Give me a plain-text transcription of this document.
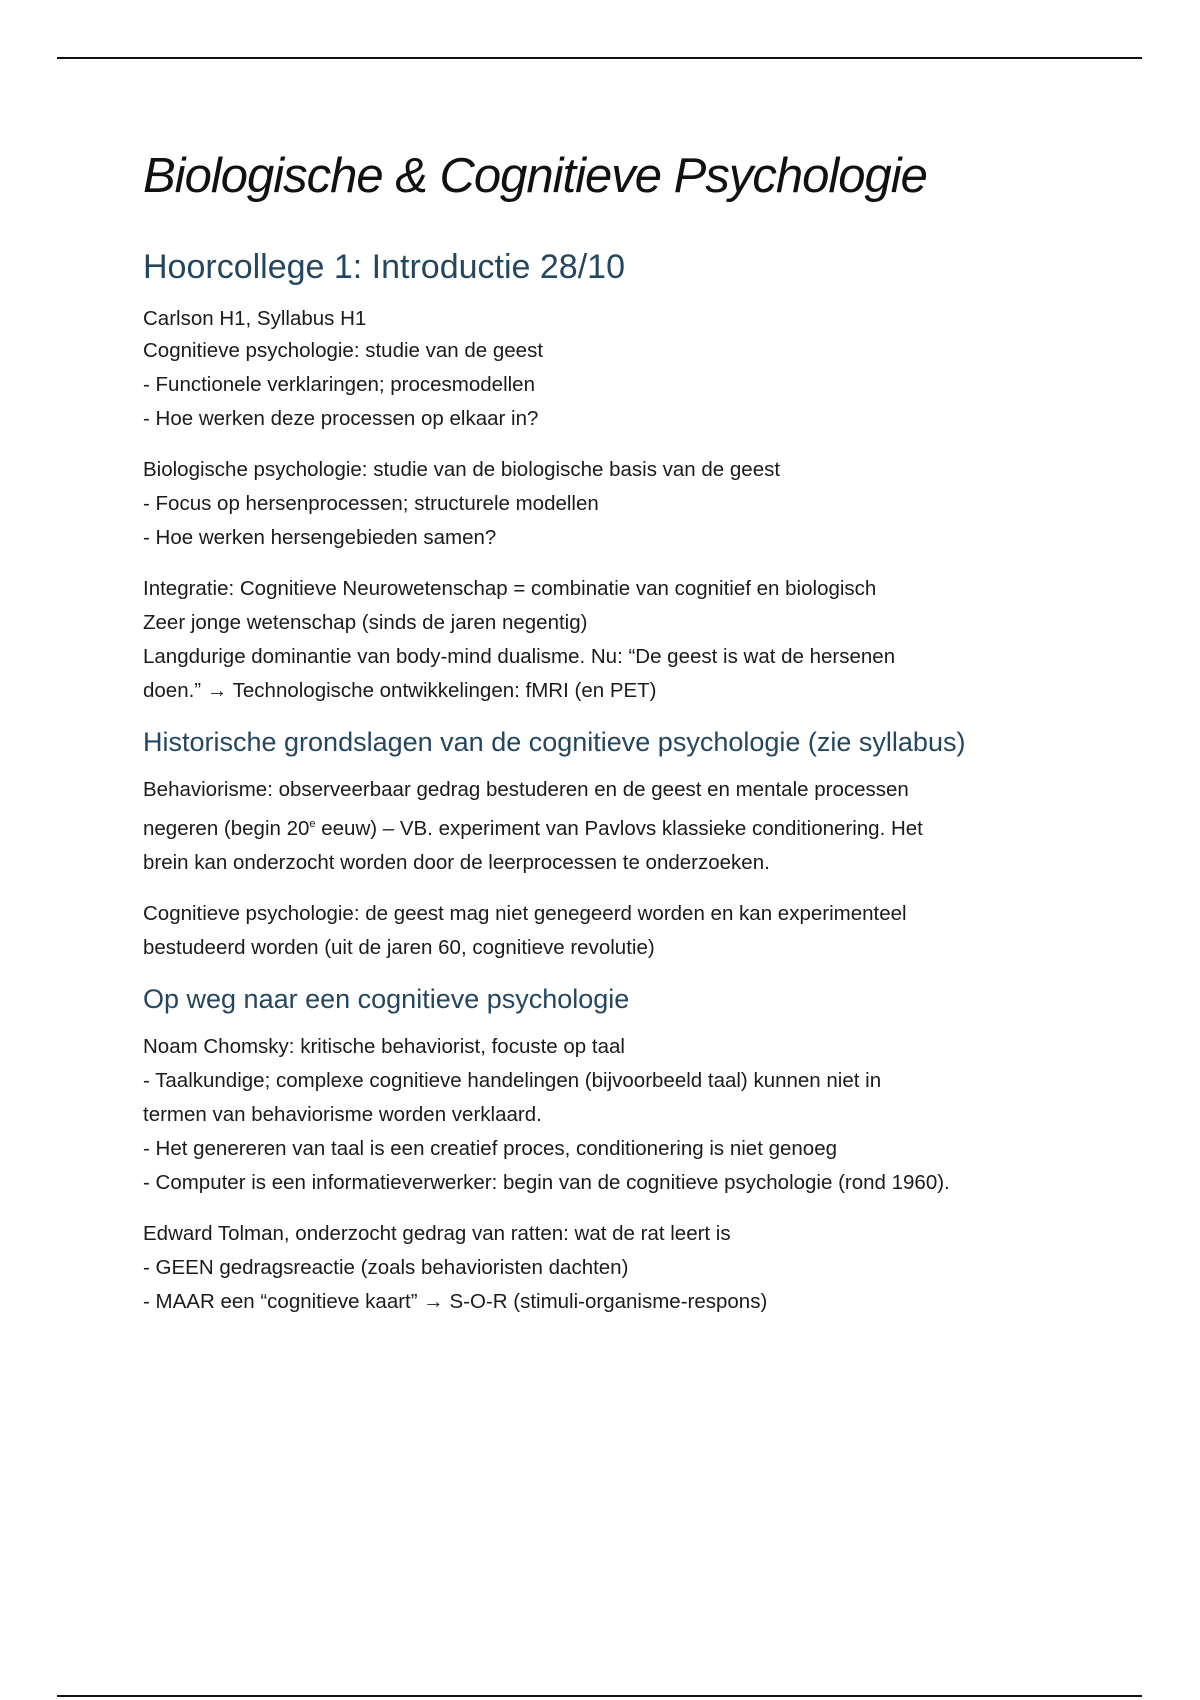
Biologische & Cognitieve Psychologie
Hoorcollege 1: Introductie 28/10
Carlson H1, Syllabus H1
Cognitieve psychologie: studie van de geest
- Functionele verklaringen; procesmodellen
- Hoe werken deze processen op elkaar in?
Biologische psychologie: studie van de biologische basis van de geest
- Focus op hersenprocessen; structurele modellen
- Hoe werken hersengebieden samen?
Integratie: Cognitieve Neurowetenschap = combinatie van cognitief en biologisch
Zeer jonge wetenschap (sinds de jaren negentig)
Langdurige dominantie van body-mind dualisme. Nu: “De geest is wat de hersenen
doen.” → Technologische ontwikkelingen: fMRI (en PET)
Historische grondslagen van de cognitieve psychologie (zie syllabus)
Behaviorisme: observeerbaar gedrag bestuderen en de geest en mentale processen
negeren (begin 20e eeuw) – VB. experiment van Pavlovs klassieke conditionering. Het
brein kan onderzocht worden door de leerprocessen te onderzoeken.
Cognitieve psychologie: de geest mag niet genegeerd worden en kan experimenteel
bestudeerd worden (uit de jaren 60, cognitieve revolutie)
Op weg naar een cognitieve psychologie
Noam Chomsky: kritische behaviorist, focuste op taal
- Taalkundige; complexe cognitieve handelingen (bijvoorbeeld taal) kunnen niet in
termen van behaviorisme worden verklaard.
- Het genereren van taal is een creatief proces, conditionering is niet genoeg
- Computer is een informatieverwerker: begin van de cognitieve psychologie (rond 1960).
Edward Tolman, onderzocht gedrag van ratten: wat de rat leert is
- GEEN gedragsreactie (zoals behavioristen dachten)
- MAAR een “cognitieve kaart” → S-O-R (stimuli-organisme-respons)
